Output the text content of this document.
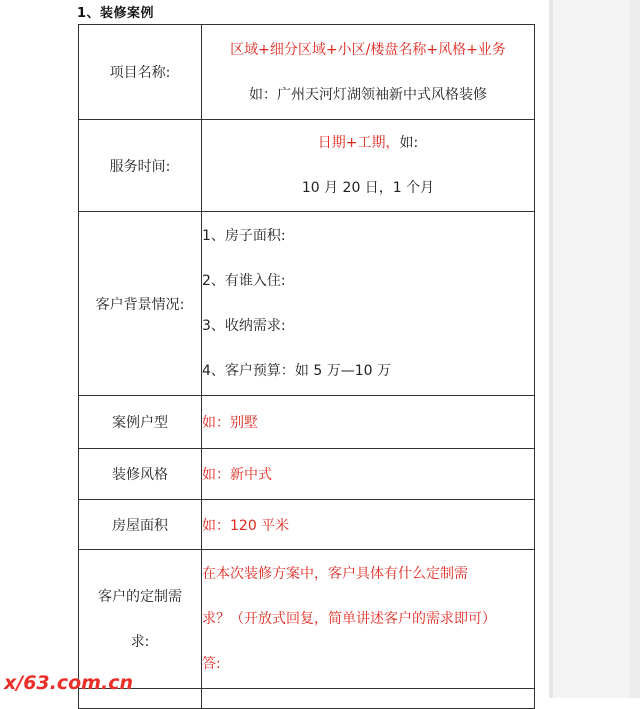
1、装修案例
项目名称:	区域+细分区域+小区/楼盘名称+风格+业务
如：广州天河灯湖领袖新中式风格装修

服务时间:	日期+工期，如:
10 月 20 日，1 个月

客户背景情况:	1、房子面积:
2、有谁入住:
3、收纳需求:
4、客户预算：如 5 万—10 万

案例户型	如：别墅
装修风格	如：新中式
房屋面积	如：120 平米

客户的定制需
求:	在本次装修方案中，客户具体有什么定制需
求？（开放式回复，简单讲述客户的需求即可）
答:

x/63.com.cn
